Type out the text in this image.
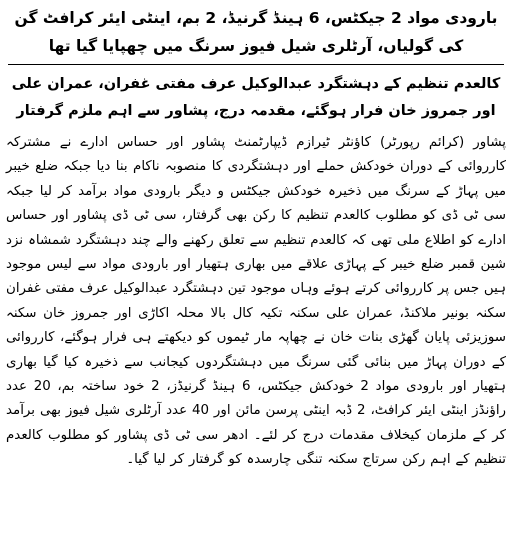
بارودی مواد 2 جیکٹس، 6 ہینڈ گرنیڈ، 2 بم، اینٹی ایئر کرافٹ گن کی گولیاں، آرٹلری شیل فیوز سرنگ میں چھپایا گیا تھا
کالعدم تنظیم کے دہشتگرد عبدالوکیل عرف مفتی غفران، عمران علی اور جمروز خان فرار ہوگئے، مقدمہ درج، پشاور سے اہم ملزم گرفتار

پشاور (کرائم رپورٹر) کاؤنٹر ٹیرازم ڈیپارٹمنٹ پشاور اور حساس ادارے نے مشترکہ کارروائی کے دوران خودکش حملے اور دہشتگردی کا منصوبہ ناکام بنا دیا جبکہ ضلع خیبر میں پہاڑ کے سرنگ میں ذخیرہ خودکش جیکٹس و دیگر بارودی مواد برآمد کر لیا جبکہ سی ٹی ڈی کو مطلوب کالعدم تنظیم کا رکن بھی گرفتار، سی ٹی ڈی پشاور اور حساس ادارے کو اطلاع ملی تھی کہ کالعدم تنظیم سے تعلق رکھنے والے چند دہشتگرد شمشاہ نزد شین قمبر ضلع خیبر کے پہاڑی علاقے میں بھاری ہتھیار اور بارودی مواد سے لیس موجود ہیں جس پر کارروائی کرتے ہوئے وہاں موجود تین دہشتگرد عبدالوکیل عرف مفتی غفران سکنہ بونیر ملاکنڈ، عمران علی سکنہ تکیہ کال بالا محلہ اکاڑی اور جمروز خان سکنہ سوزیزئی پایان گھڑی بنات خان نے چھاپہ مار ٹیموں کو دیکھتے ہی فرار ہوگئے، کارروائی کے دوران پہاڑ میں بنائی گئی سرنگ میں دہشتگردوں کیجانب سے ذخیرہ کیا گیا بھاری ہتھیار اور بارودی مواد 2 خودکش جیکٹس، 6 ہینڈ گرنیڈز، 2 خود ساختہ بم، 20 عدد راؤنڈز اینٹی ایئر کرافٹ، 2 ڈبہ اینٹی پرسن مائن اور 40 عدد آرٹلری شیل فیوز بھی برآمد کر کے ملزمان کیخلاف مقدمات درج کر لئے۔ ادھر سی ٹی ڈی پشاور کو مطلوب کالعدم تنظیم کے اہم رکن سرتاج سکنہ تنگی چارسدہ کو گرفتار کر لیا گیا۔
